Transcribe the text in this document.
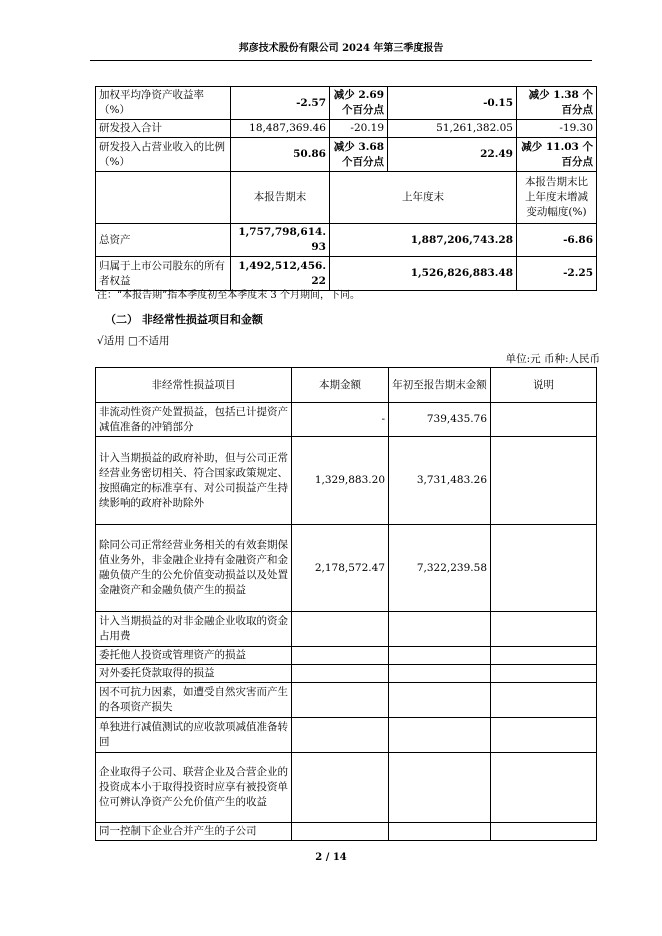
邦彦技术股份有限公司 2024 年第三季度报告
加权平均净资产收益率（%）	-2.57	减少 2.69 个百分点	-0.15	减少 1.38 个百分点
研发投入合计	18,487,369.46	-20.19	51,261,382.05	-19.30
研发投入占营业收入的比例（%）	50.86	减少 3.68 个百分点	22.49	减少 11.03 个百分点
	本报告期末	上年度末		本报告期末比上年度末增减变动幅度(%)
总资产	1,757,798,614.93	1,887,206,743.28		-6.86
归属于上市公司股东的所有者权益	1,492,512,456.22	1,526,826,883.48		-2.25
注：“本报告期”指本季度初至本季度末 3 个月期间，下同。
（二） 非经常性损益项目和金额
√适用 □不适用
单位:元 币种:人民币
非经常性损益项目	本期金额	年初至报告期末金额	说明
非流动性资产处置损益，包括已计提资产减值准备的冲销部分	-	739,435.76	
计入当期损益的政府补助，但与公司正常经营业务密切相关、符合国家政策规定、按照确定的标准享有、对公司损益产生持续影响的政府补助除外	1,329,883.20	3,731,483.26	
除同公司正常经营业务相关的有效套期保值业务外，非金融企业持有金融资产和金融负债产生的公允价值变动损益以及处置金融资产和金融负债产生的损益	2,178,572.47	7,322,239.58	
计入当期损益的对非金融企业收取的资金占用费			
委托他人投资或管理资产的损益			
对外委托贷款取得的损益			
因不可抗力因素，如遭受自然灾害而产生的各项资产损失			
单独进行减值测试的应收款项减值准备转回			
企业取得子公司、联营企业及合营企业的投资成本小于取得投资时应享有被投资单位可辨认净资产公允价值产生的收益			
同一控制下企业合并产生的子公司			
2 / 14
